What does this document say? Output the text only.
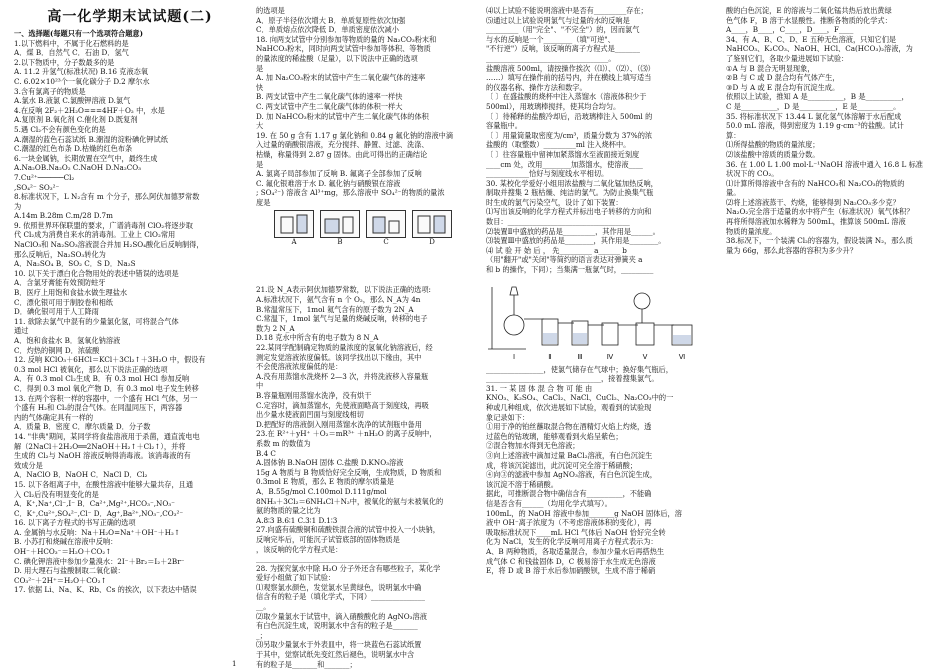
高一化学期末试试题(二)

一、选择题(每题只有一个选项符合题意)

1.以下燃料中，不属于化石燃料的是

A．煤 B．自然气 C．石油 D．氢气

2.以下物质中，分子数最多的是

A. 11.2 升氢气(标准状况) B.16 克液态氧

C. 6.02×10²³个一氧化碳分子 D.2 摩尔水

3.含有氯离子的物质是

A.氯水 B.液氯 C.氯酸钾溶液 D.氯气

4.在反响 2F₂＋2H₂O===4HF＋O₂ 中，水是

A.复原剂 B.氧化剂 C.催化剂 D.既复剂

5.遇 Cl₂不会有颜色变化的是

A.潮湿的蓝色石蕊试纸 B.潮湿的淀粉碘化钾试纸

C.潮湿的红色布条 D.枯燥的红色布条

6.一块金属钠，长期放置在空气中，最终生成

A.Na₂OB.Na₂O₂ C.NaOH D.Na₂CO₃

7.Cu²⁺──────Cl₂

,SO₄²⁻ SO₃²⁻

8.标准状况下，L N₂含有 m 个分子，那么阿伏加德罗常数

为

A.14m B.28m C.m/28 D.7m

9. 依照世界环保联盟的要求，广谱消毒剂 ClO₂将逐步取

代 Cl₂成为消费自来水的消毒剂。工业上 ClO₂常用

NaClO₃和 Na₂SO₃溶液混合并加 H₂SO₄酸化后反响制得，

那么反响后，Na₂SO₃转化为

A．Na₂SO₄ B．SO₂ C．S D．Na₂S

10. 以下关于漂白化合物用处的表述中错误的选项是

A．含氯牙膏能有效预防蛀牙

B．医疗上用饱和食盐水做生理盐水

C．漂化银可用于制胶卷和相纸

D．碘化银可用于人工降雨

11. 欲除去氯气中混有的少量氯化氢，可将混合气体

通过

A．饱和食盐水 B．氢氧化钠溶液

C．灼热的铜网 D．浓硫酸

12. 反响 KClO₃＋6HCl＝KCl＋3Cl₂↑＋3H₂O 中，假设有

0.3 mol HCl 被氧化，那么以下说法正确的选项

A．有 0.3 mol Cl₂生成 B．有 0.3 mol HCl 参加反响

C．得到 0.3 mol 氧化产物 D．有 0.3 mol 电子发生转移

13. 在两个容积一样的容器中，一个盛有 HCl 气体，另一

个盛有 H₂和 Cl₂的混合气体。在同温同压下，两容器

内的气体确定具有一样的

A．质量 B．密度 C．摩尔质量 D．分子数

14. "非典"期间，某同学将食盐溶液用于杀菌，通直流电电

解（2NaCl＋2H₂O══2NaOH＋H₂↑＋Cl₂↑），并将

生成的 Cl₂与 NaOH 溶液反响得消毒液。该消毒液的有

效成分是

A．NaClO B．NaOH C．NaCl D．Cl₂

15. 以下各组离子中，在酸性溶液中能够大量共存，且通

入 Cl₂后没有明显变化的是

A．K⁺,Na⁺,Cl⁻,I⁻ B．Ca²⁺,Mg²⁺,HCO₃⁻,NO₃⁻

C．K⁺,Cu²⁺,SO₄²⁻,Cl⁻ D．Ag⁺,Ba²⁺,NO₃⁻,CO₃²⁻

16. 以下离子方程式的书写正确的选项

A. 金属钠与水反响：Na＋H₂O=Na⁺＋OH⁻＋H₂↑

B. 小苏打和烧碱在溶液中反响：

OH⁻＋HCO₃⁻＝H₂O＋CO₂↑

C. 碘化钾溶液中参加少量溴水：2I⁻＋Br₂＝I₂＋2Br⁻

D. 用大理石与盐酸制取二氧化碳：

CO₃²⁻＋2H⁺＝H₂O＋CO₂↑

17. 依据 Li、Na、K、Rb、Cs 的挨次，以下表达中错误

的选项是

A．原子半径依次增大 B．单质复原性依次加强

C．单质熔点依次降低 D．单质密度依次减小

18. 向两支试管中分别参加等物质的量的 Na₂CO₃粉末和

NaHCO₃粉末，同时向两支试管中参加等体积、等物质

的量浓度的稀盐酸（足量），以下说法中正确的选项

是

A. 加 Na₂CO₃粉末的试管中产生二氧化碳气体的速率

快

B. 两支试管中产生二氧化碳气体的速率一样快

C. 两支试管中产生二氧化碳气体的体积一样大

D. 加 NaHCO₃粉末的试管中产生二氧化碳气体的体积

大

19. 在 50 g 含有 1.17 g 氯化钠和 0.84 g 氟化钠的溶液中滴

入过量的硝酸银溶液，充分搅拌、静置、过滤、洗涤、

枯燥，称量得到 2.87 g 固体。由此可得出的正确结论

是

A. 氯离子局部参加了反响 B. 氟离子全部参加了反响

C. 氟化银难溶于水 D. 氟化钠与硝酸银在溶液

; SO₄²⁻) 溶液含 Al³⁺mg，那么溶液中 SO₄²⁻的物质的量浓

度是

A	B	C	D

21.设 N_A表示阿伏加德罗常数，以下说法正确的选项:

A.标准状况下，氨气含有 n 个 O₂，那么 N_A为 4n

B.常温常压下，1mol 氦气含有的原子数为 2N_A

C.常温下，1mol 氯气与足量的烧碱反响，转移的电子

数为 2 N_A

D.18 克水中所含有的电子数为 8 N_A

22.某同学配制确定物质的量浓度的氢氧化钠溶液后，经

测定发觉溶液浓度偏低。该同学找出以下缘由，其中

不会使溶液浓度偏低的是：

A.没有用蒸馏水洗烧杯 2—3 次，并将洗液移入容量瓶

中

B.容量瓶刚用蒸馏水洗净，没有烘干

C.定容时，滴加蒸馏水，先使液面略高于刻度线，再吸

出少量水使液面凹面与刻度线相切

D.把配好的溶液倒入刚用蒸馏水洗净的试剂瓶中备用

23.在 R²⁺＋yH⁺ ＋O₂＝mR³⁺ ＋nH₂O 的离子反响中，

系数 m 的数值为

B.4 C

A.固体钠 B.NaOH 固体 C.盐酸 D.KNO₃溶液

15g A 物质与 B 物质恰好完全反响，生成物质，D 物质和

0.3mol E 物质，那么 E 物质的摩尔质量是

A．B.55g/mol C.100mol D.111g/mol

8NH₃＋3Cl₂＝6NH₄Cl＋N₂中，被氧化的氨与未被氧化的

氨的物质的量之比为

A.8∶3 B.6∶1 C.3∶1 D.1∶3

27.向盛有硫酸铜和硫酸铁混合液的试管中投入一小块钠，

反响完毕后，可能沉子试管底部的固体物质是

，该反响的化学方程式是：

________________________________________________

28. 为探究氯水中除 H₂O 分子外还含有哪些粒子，某化学

爱好小组做了如下试验：

⑴观察氯水颜色，发觉氯水呈黄绿色，说明氯水中确

信含有的粒子是（填化学式，下同）_______________

__。

⑵取少量氯水于试管中，滴入硝酸酸化的 AgNO₃溶液

有白色沉淀生成，说明氯水中含有的粒子是_______

_；

⑶另取少量氯水于外表皿中，将一块蓝色石蕊试纸置

于其中，觉察试纸先变红然后褪色，说明氯水中含

有的粒子是_______和_______；

⑷以上试验不能说明溶液中是否有_________存在；

⑸通过以上试验说明氯气与过量的水的反响是

_________（用"完全"、"不完全"）的，因而氯气

与水的反响是一个________（填"可逆"、

"不行逆"）反响，该反响的离子方程式是_______

__________________________________。

盐酸溶液 500ml，请按操作挨次（⑴）、（⑵）、（⑶）

……）填写在操作前的括号内，并在横线上填写适当

的仪器名称、操作方法和数字。

〔 〕在盛盐酸的烧杯中注入蒸馏水（溶液体积少于

500ml），用玻璃棒搅拌，使其均合均匀。

〔 〕待稀释的盐酸冷却后，沿玻璃棒注入 500ml 的

容量瓶中。

〔 〕用量筒量取密度为/cm³，质量分数为 37%的浓

盐酸的（取整数）_________ml 注入烧杯中。

〔 〕往容量瓶中留神加紧蒸馏水至液面接近刻度

____cm 处，改用________加蒸馏水，使溶液____

____________恰好与刻度线水平相切。

30. 某校化学爱好小组用浓盐酸与二氧化锰加热反响，

制取并搜集 2 瓶枯燥、纯洁的氯气。为防止换集气瓶

时生成的氯气污染空气，设计了如下装置：

⑴写出该反响的化学方程式并标出电子转移的方向和

数目：__________________________________

⑵装置Ⅱ中盛放的药品是_________，其作用是______。

⑶装置Ⅲ中盛放的药品是________，其作用是________。

⑷ 试 验 开 始 后 ， 先_________ a______ b

（用"翻开"或"关闭"等简约的语言表达对弹簧夹 a

和 b 的操作，下同）；当集满一瓶氯气时，_________

Ⅰ	Ⅱ	Ⅲ	Ⅳ	Ⅴ	Ⅵ

________________，使氯气储存在气球中；换好集气瓶后，

________________________________，接着搜集氯气。

31. 一 某 固 体 混 合 物 可 能 由

KNO₃、K₂SO₄、CaCl₂、NaCl、CuCl₂、Na₂CO₃中的一

种或几种组成，依次进展如下试验，观看到的试验现

象记录如下：

①用于净的铂丝蘸取混合物在酒精灯火焰上灼烧，透

过蓝色的钴玻璃，能够观看到火焰呈紫色；

②混合物加水得到无色溶液；

③向上述溶液中滴加过量 BaCl₂溶液，有白色沉淀生

成，将该沉淀滤出，此沉淀可完全溶于稀硝酸；

④向③的滤液中参加 AgNO₃溶液，有白色沉淀生成，

该沉淀不溶于稀硝酸。

据此，可推断混合物中确信含有__________，不能确

信是否含有______（均用化学式填写）。

100mL，的 NaOH 溶液中参加_______g NaOH 固体后，溶

液中 OH⁻离子浓度为（不考虑溶液体积的变化），再

吸取标准状况下____mL HCl 气体后 NaOH 恰好完全转

化为 NaCl，发生的化学反响可用离子方程式表示为：

A、B 两种物质，各取适量混合，参加少量水后再搭热生

成气体 C 和钱盐固体 D，C 极易溶于水生成无色溶液

E，将 D 或 B 溶于水后参加硝酸钡，生成不溶于稀硝

酸的白色沉淀，E 的溶液与二氧化锰共热后放出黄绿

色气体 F，B 溶于水显酸性。推断各物质的化学式：

A____，B____，C____，D____，F____

34、有 A、B、C、D、E 五种无色溶液，只知它们是

NaHCO₃、K₂CO₃、NaOH、HCl、Ca(HCO₃)₂溶液，为

了鉴别它们，各取少量进展如下试验：

①A 与 B 混合无明显现象，

②B 与 C 或 D 混合均有气体产生，

③D 与 A 或 E 混合均有沉淀生成。

依照以上试验，推知 A 是__________，B 是__________，

C 是__________，D 是__________，E 是__________。

35. 将标准状况下 13.44 L 氯化氢气体溶解于水后配成

50.0 mL 溶液，得到密度为 1.19 g·cm⁻³的盐酸。试计

算：

⑴所得盐酸的物质的量浓度；

⑵该盐酸中溶质的质量分数。

36. 在 1.00 L 1.00 mol·L⁻¹NaOH 溶液中通入 16.8 L 标准

状况下的 CO₂。

⑴计算所得溶液中含有的 NaHCO₃和 Na₂CO₃的物质的

量。

⑵将上述溶液蒸干、灼烧，能够得到 Na₂CO₃多少克？

Na₂O₂完全溶于适量的水中将产生（标准状况）氧气体积？

再将所得溶液加水稀释为 500mL，推算该 500mL 溶液

物质的量浓度。

38.标况下，一个装满 Cl₂的容器为，假设装满 N₂，那么质

量为 66g，那么此容器的容积为多少升？

1
